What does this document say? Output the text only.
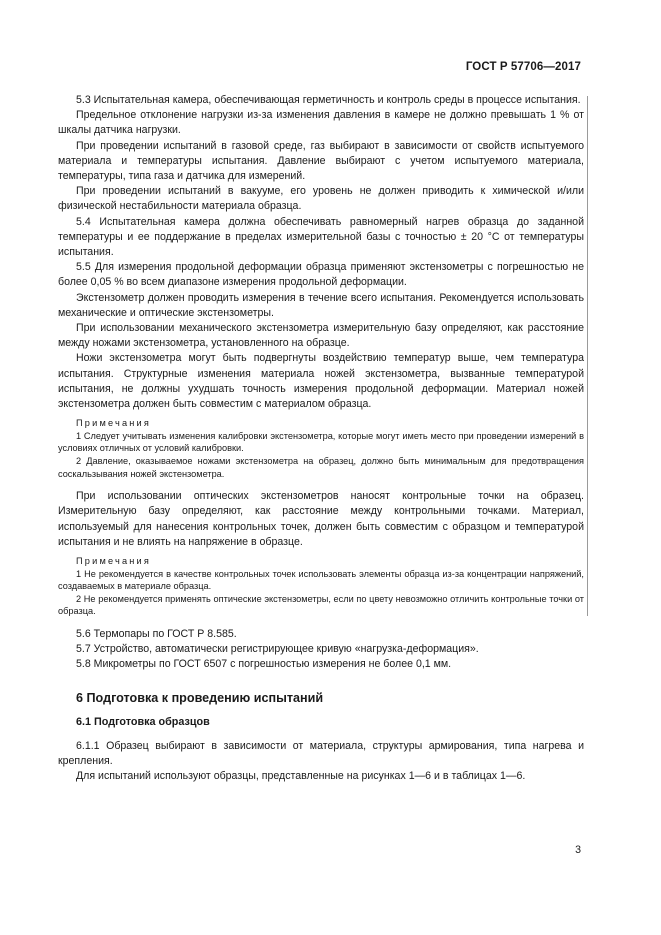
ГОСТ Р 57706—2017

5.3 Испытательная камера, обеспечивающая герметичность и контроль среды в процессе испытания.

Предельное отклонение нагрузки из-за изменения давления в камере не должно превышать 1 % от шкалы датчика нагрузки.

При проведении испытаний в газовой среде, газ выбирают в зависимости от свойств испытуемого материала и температуры испытания. Давление выбирают с учетом испытуемого материала, температуры, типа газа и датчика для измерений.

При проведении испытаний в вакууме, его уровень не должен приводить к химической и/или физической нестабильности материала образца.

5.4 Испытательная камера должна обеспечивать равномерный нагрев образца до заданной температуры и ее поддержание в пределах измерительной базы с точностью ± 20 °С от температуры испытания.

5.5 Для измерения продольной деформации образца применяют экстензометры с погрешностью не более 0,05 % во всем диапазоне измерения продольной деформации.

Экстензометр должен проводить измерения в течение всего испытания. Рекомендуется использовать механические и оптические экстензометры.

При использовании механического экстензометра измерительную базу определяют, как расстояние между ножами экстензометра, установленного на образце.

Ножи экстензометра могут быть подвергнуты воздействию температур выше, чем температура испытания. Структурные изменения материала ножей экстензометра, вызванные температурой испытания, не должны ухудшать точность измерения продольной деформации. Материал ножей экстензометра должен быть совместим с материалом образца.

Примечания

1 Следует учитывать изменения калибровки экстензометра, которые могут иметь место при проведении измерений в условиях отличных от условий калибровки.

2 Давление, оказываемое ножами экстензометра на образец, должно быть минимальным для предотвращения соскальзывания ножей экстензометра.

При использовании оптических экстензометров наносят контрольные точки на образец. Измерительную базу определяют, как расстояние между контрольными точками. Материал, используемый для нанесения контрольных точек, должен быть совместим с образцом и температурой испытания и не влиять на напряжение в образце.

Примечания

1 Не рекомендуется в качестве контрольных точек использовать элементы образца из-за концентрации напряжений, создаваемых в материале образца.

2 Не рекомендуется применять оптические экстензометры, если по цвету невозможно отличить контрольные точки от образца.

5.6 Термопары по ГОСТ Р 8.585.

5.7 Устройство, автоматически регистрирующее кривую «нагрузка-деформация».

5.8 Микрометры по ГОСТ 6507 с погрешностью измерения не более 0,1 мм.

6 Подготовка к проведению испытаний
6.1 Подготовка образцов

6.1.1 Образец выбирают в зависимости от материала, структуры армирования, типа нагрева и крепления.

Для испытаний используют образцы, представленные на рисунках 1—6 и в таблицах 1—6.

3
